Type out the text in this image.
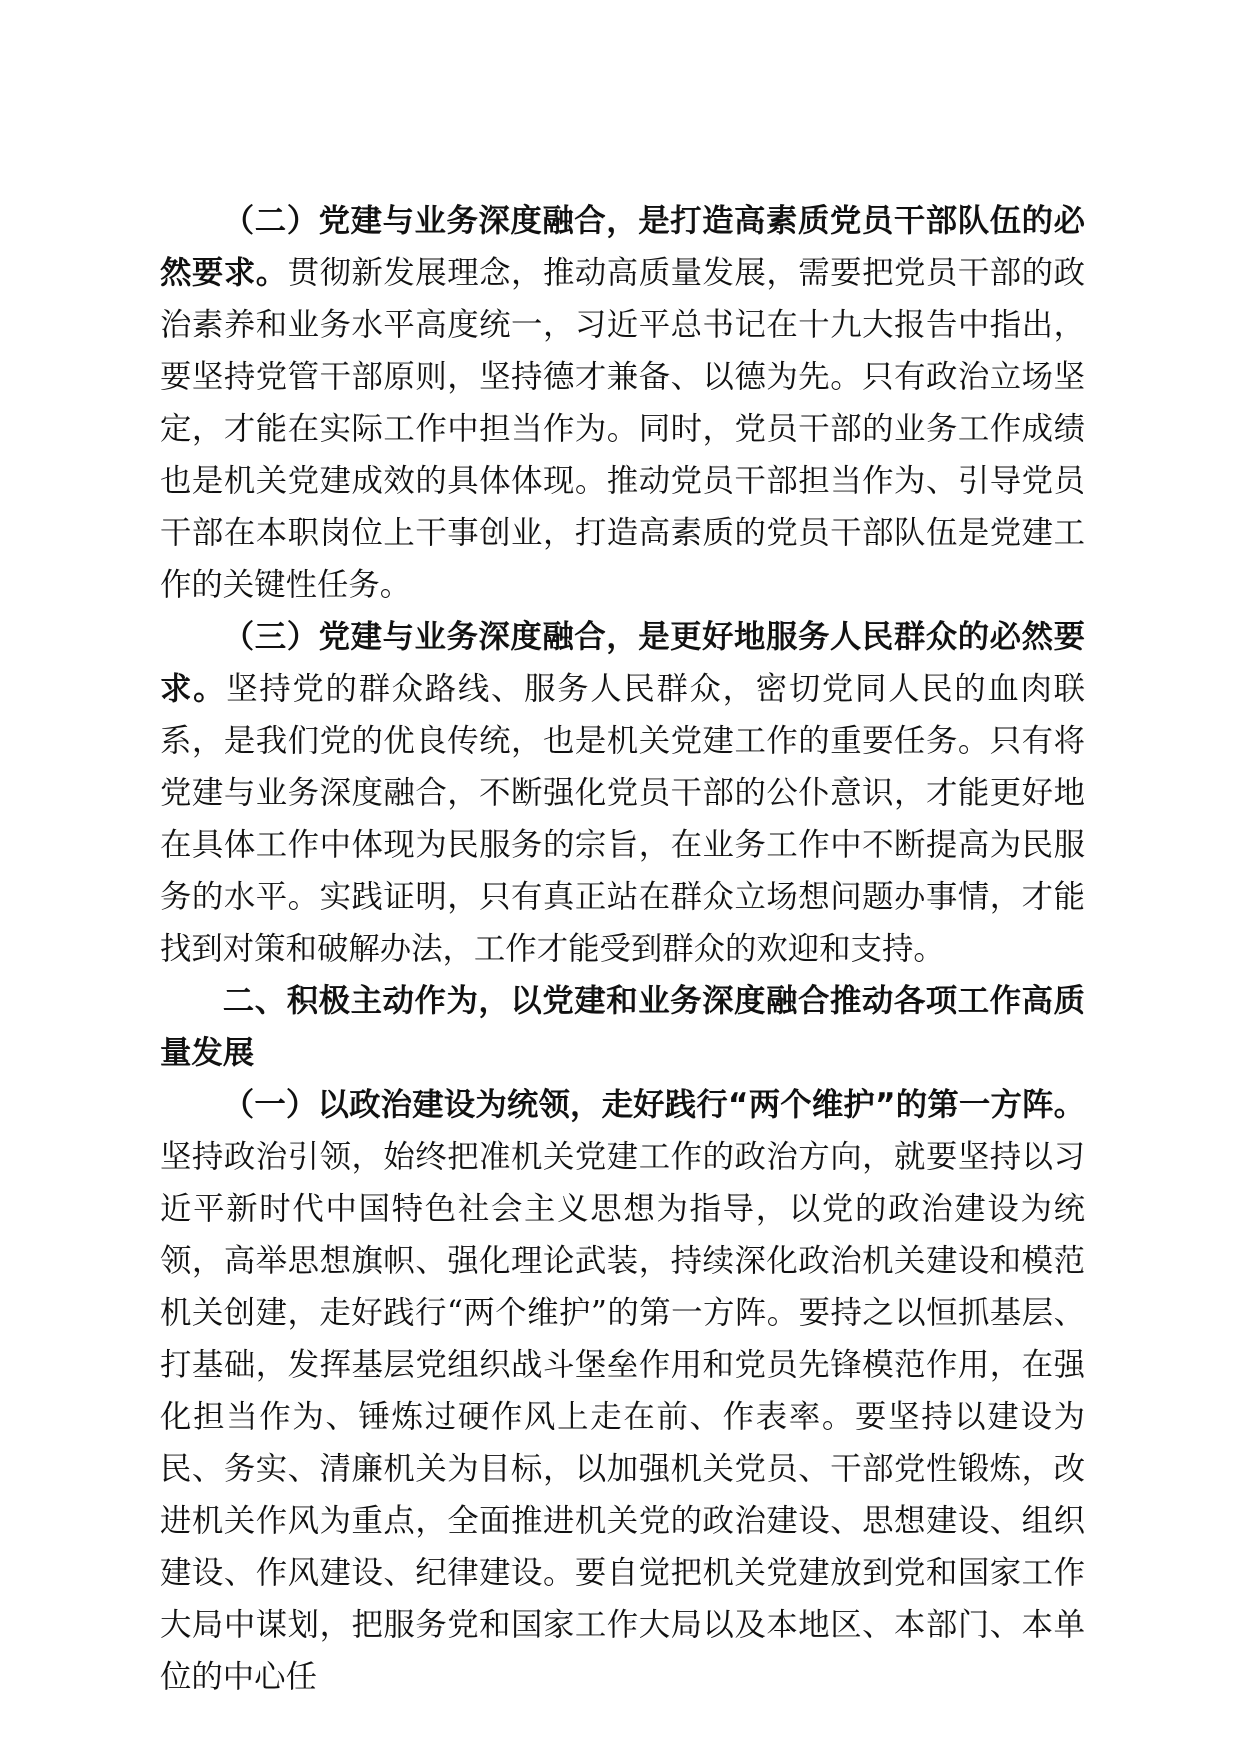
（二）党建与业务深度融合，是打造高素质党员干部队伍的必然要求。贯彻新发展理念，推动高质量发展，需要把党员干部的政治素养和业务水平高度统一，习近平总书记在十九大报告中指出，要坚持党管干部原则，坚持德才兼备、以德为先。只有政治立场坚定，才能在实际工作中担当作为。同时，党员干部的业务工作成绩也是机关党建成效的具体体现。推动党员干部担当作为、引导党员干部在本职岗位上干事创业，打造高素质的党员干部队伍是党建工作的关键性任务。

（三）党建与业务深度融合，是更好地服务人民群众的必然要求。坚持党的群众路线、服务人民群众，密切党同人民的血肉联系，是我们党的优良传统，也是机关党建工作的重要任务。只有将党建与业务深度融合，不断强化党员干部的公仆意识，才能更好地在具体工作中体现为民服务的宗旨，在业务工作中不断提高为民服务的水平。实践证明，只有真正站在群众立场想问题办事情，才能找到对策和破解办法，工作才能受到群众的欢迎和支持。

二、积极主动作为，以党建和业务深度融合推动各项工作高质量发展

（一）以政治建设为统领，走好践行“两个维护”的第一方阵。坚持政治引领，始终把准机关党建工作的政治方向，就要坚持以习近平新时代中国特色社会主义思想为指导，以党的政治建设为统领，高举思想旗帜、强化理论武装，持续深化政治机关建设和模范机关创建，走好践行“两个维护”的第一方阵。要持之以恒抓基层、打基础，发挥基层党组织战斗堡垒作用和党员先锋模范作用，在强化担当作为、锤炼过硬作风上走在前、作表率。要坚持以建设为民、务实、清廉机关为目标，以加强机关党员、干部党性锻炼，改进机关作风为重点，全面推进机关党的政治建设、思想建设、组织建设、作风建设、纪律建设。要自觉把机关党建放到党和国家工作大局中谋划，把服务党和国家工作大局以及本地区、本部门、本单位的中心任
